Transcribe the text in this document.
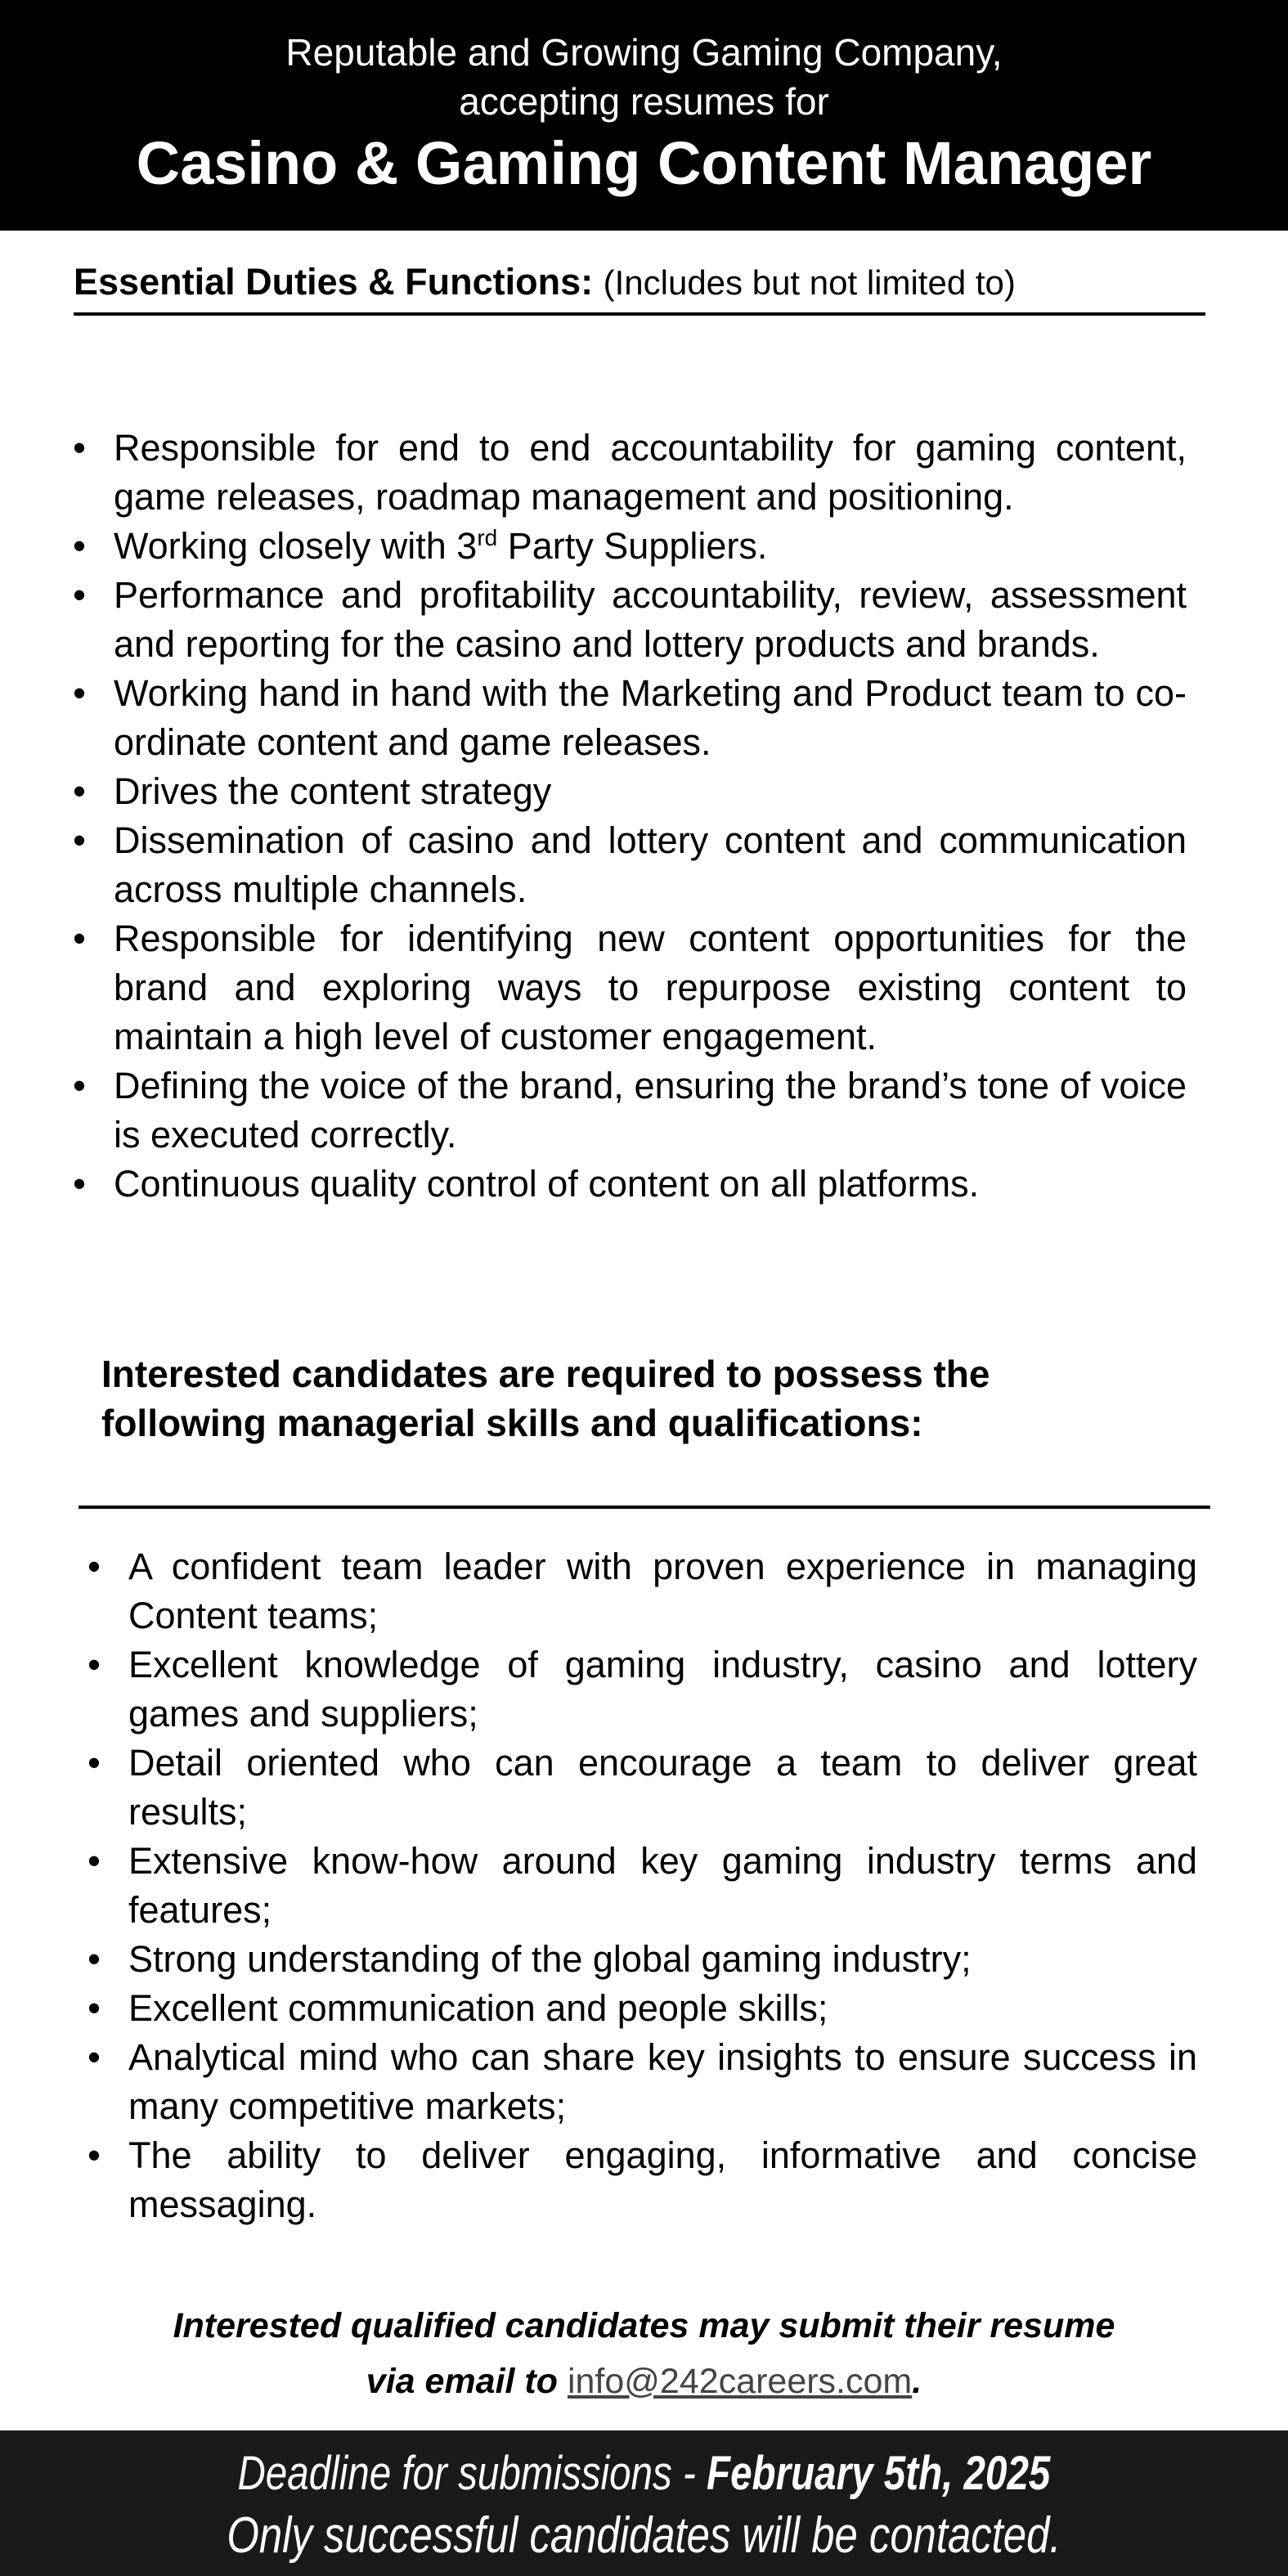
Reputable and Growing Gaming Company,
accepting resumes for
Casino & Gaming Content Manager
Essential Duties & Functions: (Includes but not limited to)
• Responsible for end to end accountability for gaming content, game releases, roadmap management and positioning.
• Working closely with 3rd Party Suppliers.
• Performance and profitability accountability, review, assessment and reporting for the casino and lottery products and brands.
• Working hand in hand with the Marketing and Product team to co-ordinate content and game releases.
• Drives the content strategy
• Dissemination of casino and lottery content and communication across multiple channels.
• Responsible for identifying new content opportunities for the brand and exploring ways to repurpose existing content to maintain a high level of customer engagement.
• Defining the voice of the brand, ensuring the brand’s tone of voice is executed correctly.
• Continuous quality control of content on all platforms.
Interested candidates are required to possess the
following managerial skills and qualifications:
• A confident team leader with proven experience in managing Content teams;
• Excellent knowledge of gaming industry, casino and lottery games and suppliers;
• Detail oriented who can encourage a team to deliver great results;
• Extensive know-how around key gaming industry terms and features;
• Strong understanding of the global gaming industry;
• Excellent communication and people skills;
• Analytical mind who can share key insights to ensure success in many competitive markets;
• The ability to deliver engaging, informative and concise messaging.
Interested qualified candidates may submit their resume
via email to info@242careers.com.
Deadline for submissions - February 5th, 2025
Only successful candidates will be contacted.
